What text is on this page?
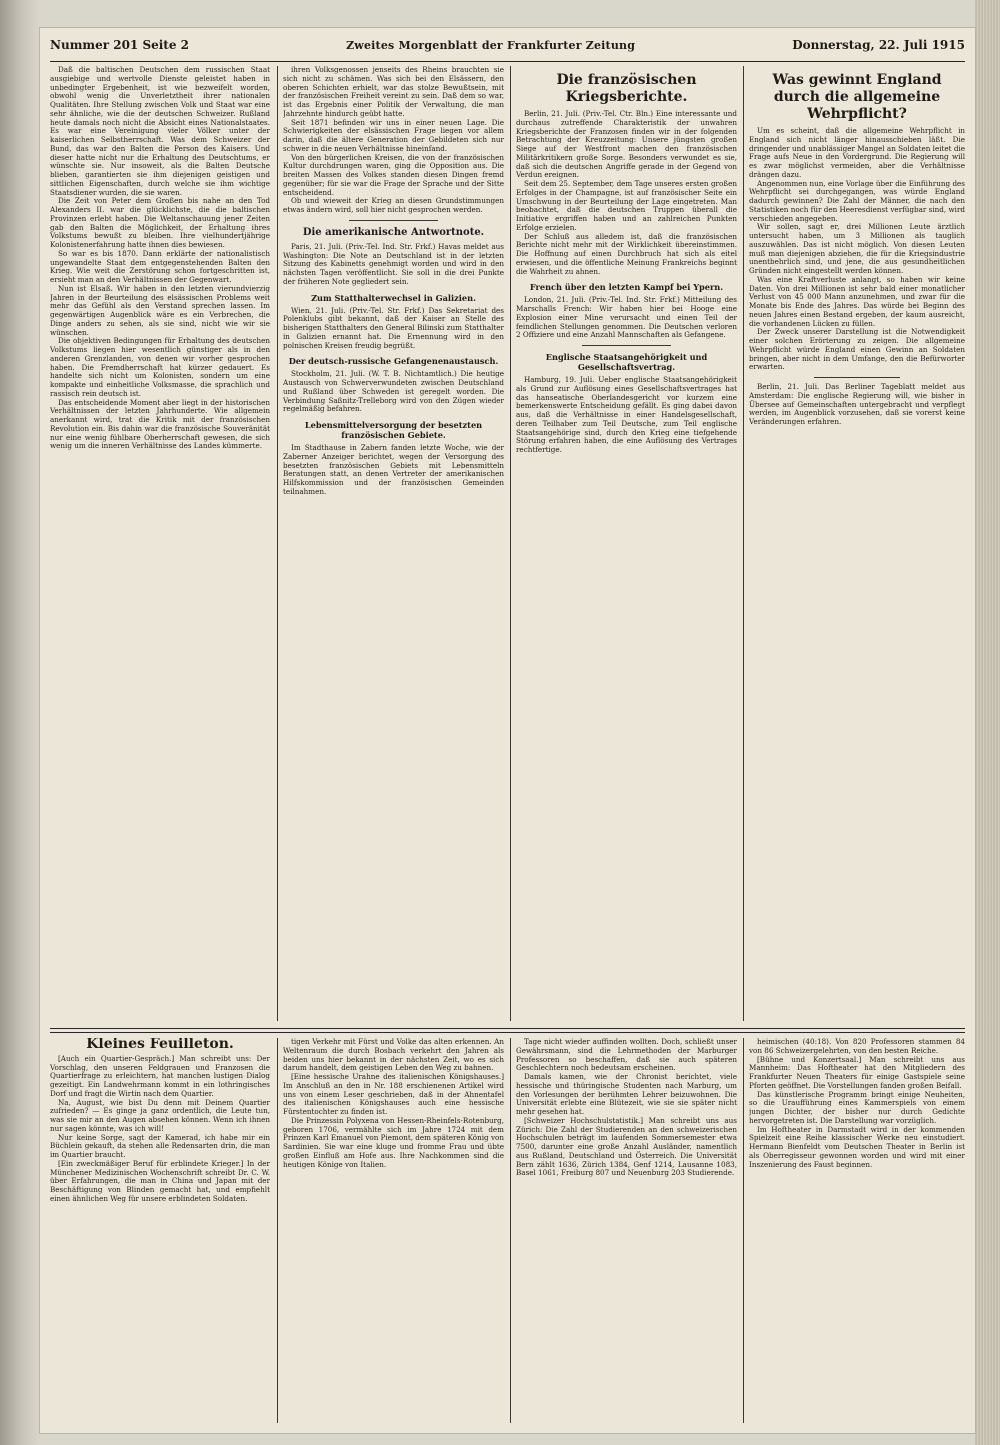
Nummer 201 Seite 2	Zweites Morgenblatt der Frankfurter Zeitung	Donnerstag, 22. Juli 1915

Daß die baltischen Deutschen dem russischen Staat ausgiebige und wertvolle Dienste geleistet haben in unbedingter Ergebenheit, ist wie bezweifelt worden, obwohl wenig die Unverletztheit ihrer nationalen Qualitäten. Ihre Stellung zwischen Volk und Staat war eine sehr ähnliche, wie die der deutschen Schweizer. Rußland heute damals noch nicht die Absicht eines Nationalstaates. Es war eine Vereinigung vieler Völker unter der kaiserlichen Selbstherrschaft. Was dem Schweizer der Bund, das war den Balten die Person des Kaisers. Und dieser hatte nicht nur die Erhaltung des Deutschtums, er wünschte sie. Nur insoweit, als die Balten Deutsche blieben, garantierten sie ihm diejenigen geistigen und sittlichen Eigenschaften, durch welche sie ihm wichtige Staatsdiener wurden, die sie waren.

Die Zeit von Peter dem Großen bis nahe an den Tod Alexanders II. war die glücklichste, die die baltischen Provinzen erlebt haben. Die Weltanschauung jener Zeiten gab den Balten die Möglichkeit, der Erhaltung ihres Volkstums bewußt zu bleiben. Ihre vielhundertjährige Kolonistenerfahrung hatte ihnen dies bewiesen.

So war es bis 1870. Dann erklärte der nationalistisch ungewandelte Staat dem entgegenstehenden Balten den Krieg. Wie weit die Zerstörung schon fortgeschritten ist, ersieht man an den Verhältnissen der Gegenwart.

Nun ist Elsaß. Wir haben in den letzten vierundvierzig Jahren in der Beurteilung des elsässischen Problems weit mehr das Gefühl als den Verstand sprechen lassen. Im gegenwärtigen Augenblick wäre es ein Verbrechen, die Dinge anders zu sehen, als sie sind, nicht wie wir sie wünschen.

Die objektiven Bedingungen für Erhaltung des deutschen Volkstums liegen hier wesentlich günstiger als in den anderen Grenzlanden, von denen wir vorher gesprochen haben. Die Fremdherrschaft hat kürzer gedauert. Es handelte sich nicht um Kolonisten, sondern um eine kompakte und einheitliche Volksmasse, die sprachlich und rassisch rein deutsch ist.

Das entscheidende Moment aber liegt in der historischen Verhältnissen der letzten Jahrhunderte. Wie allgemein anerkannt wird, trat die Kritik mit der französischen Revolution ein. Bis dahin war die französische Souveränität nur eine wenig fühlbare Oberherrschaft gewesen, die sich wenig um die inneren Verhältnisse des Landes kümmerte.

ihren Volksgenossen jenseits des Rheins brauchten sie sich nicht zu schämen. Was sich bei den Elsässern, den oberen Schichten erhielt, war das stolze Bewußtsein, mit der französischen Freiheit vereint zu sein. Daß dem so war, ist das Ergebnis einer Politik der Verwaltung, die man Jahrzehnte hindurch geübt hatte.

Seit 1871 befinden wir uns in einer neuen Lage. Die Schwierigkeiten der elsässischen Frage liegen vor allem darin, daß die ältere Generation der Gebildeten sich nur schwer in die neuen Verhältnisse hineinfand.

Von den bürgerlichen Kreisen, die von der französischen Kultur durchdrungen waren, ging die Opposition aus. Die breiten Massen des Volkes standen diesen Dingen fremd gegenüber; für sie war die Frage der Sprache und der Sitte entscheidend.

Ob und wieweit der Krieg an diesen Grundstimmungen etwas ändern wird, soll hier nicht gesprochen werden.

Die amerikanische Antwortnote.

Paris, 21. Juli. (Priv.-Tel. Ind. Str. Frkf.) Havas meldet aus Washington: Die Note an Deutschland ist in der letzten Sitzung des Kabinetts genehmigt worden und wird in den nächsten Tagen veröffentlicht. Sie soll in die drei Punkte der früheren Note gegliedert sein.

Zum Statthalterwechsel in Galizien.

Wien, 21. Juli. (Priv.-Tel. Str. Frkf.) Das Sekretariat des Polenklubs gibt bekannt, daß der Kaiser an Stelle des bisherigen Statthalters den General Bilinski zum Statthalter in Galizien ernannt hat. Die Ernennung wird in den polnischen Kreisen freudig begrüßt.

Der deutsch-russische Gefangenenaustausch.

Stockholm, 21. Juli. (W. T. B. Nichtamtlich.) Die heutige Austausch von Schwerverwundeten zwischen Deutschland und Rußland über Schweden ist geregelt worden. Die Verbindung Saßnitz-Trelleborg wird von den Zügen wieder regelmäßig befahren.

Lebensmittelversorgung der besetzten französischen Gebiete.

Im Stadthause in Zabern fanden letzte Woche, wie der Zaberner Anzeiger berichtet, wegen der Versorgung des besetzten französischen Gebiets mit Lebensmitteln Beratungen statt, an denen Vertreter der amerikanischen Hilfskommission und der französischen Gemeinden teilnahmen.

Die französischen Kriegsberichte.

Berlin, 21. Juli. (Priv.-Tel. Ctr. Bln.) Eine interessante und durchaus zutreffende Charakteristik der unwahren Kriegsberichte der Franzosen finden wir in der folgenden Betrachtung der Kreuzzeitung: Unsere jüngsten großen Siege auf der Westfront machen den französischen Militärkritikern große Sorge. Besonders verwundet es sie, daß sich die deutschen Angriffe gerade in der Gegend von Verdun ereignen.

Seit dem 25. September, dem Tage unseres ersten großen Erfolges in der Champagne, ist auf französischer Seite ein Umschwung in der Beurteilung der Lage eingetreten. Man beobachtet, daß die deutschen Truppen überall die Initiative ergriffen haben und an zahlreichen Punkten Erfolge erzielen.

Der Schluß aus alledem ist, daß die französischen Berichte nicht mehr mit der Wirklichkeit übereinstimmen. Die Hoffnung auf einen Durchbruch hat sich als eitel erwiesen, und die öffentliche Meinung Frankreichs beginnt die Wahrheit zu ahnen.

French über den letzten Kampf bei Ypern.

London, 21. Juli. (Priv.-Tel. Ind. Str. Frkf.) Mitteilung des Marschalls French: Wir haben hier bei Hooge eine Explosion einer Mine verursacht und einen Teil der feindlichen Stellungen genommen. Die Deutschen verloren 2 Offiziere und eine Anzahl Mannschaften als Gefangene.

Englische Staatsangehörigkeit und Gesellschaftsvertrag.

Hamburg, 19. Juli. Ueber englische Staatsangehörigkeit als Grund zur Auflösung eines Gesellschaftsvertrages hat das hanseatische Oberlandesgericht vor kurzem eine bemerkenswerte Entscheidung gefällt. Es ging dabei davon aus, daß die Verhältnisse in einer Handelsgesellschaft, deren Teilhaber zum Teil Deutsche, zum Teil englische Staatsangehörige sind, durch den Krieg eine tiefgehende Störung erfahren haben, die eine Auflösung des Vertrages rechtfertige.

Was gewinnt England durch die allgemeine Wehrpflicht?

Um es scheint, daß die allgemeine Wehrpflicht in England sich nicht länger hinausschieben läßt. Die dringender und unablässiger Mangel an Soldaten leitet die Frage aufs Neue in den Vordergrund. Die Regierung will es zwar möglichst vermeiden, aber die Verhältnisse drängen dazu.

Angenommen nun, eine Vorlage über die Einführung des Wehrpflicht sei durchgegangen, was würde England dadurch gewinnen? Die Zahl der Männer, die nach den Statistiken noch für den Heeresdienst verfügbar sind, wird verschieden angegeben.

Wir sollen, sagt er, drei Millionen Leute ärztlich untersucht haben, um 3 Millionen als tauglich auszuwählen. Das ist nicht möglich. Von diesen Leuten muß man diejenigen abziehen, die für die Kriegsindustrie unentbehrlich sind, und jene, die aus gesundheitlichen Gründen nicht eingestellt werden können.

Was eine Kraftverluste anlangt, so haben wir keine Daten. Von drei Millionen ist sehr bald einer monatlicher Verlust von 45 000 Mann anzunehmen, und zwar für die Monate bis Ende des Jahres. Das würde bei Beginn des neuen Jahres einen Bestand ergeben, der kaum ausreicht, die vorhandenen Lücken zu füllen.

Der Zweck unserer Darstellung ist die Notwendigkeit einer solchen Erörterung zu zeigen. Die allgemeine Wehrpflicht würde England einen Gewinn an Soldaten bringen, aber nicht in dem Umfange, den die Befürworter erwarten.

Berlin, 21. Juli. Das Berliner Tageblatt meldet aus Amsterdam: Die englische Regierung will, wie bisher in Übersee auf Gemeinschaften untergebracht und verpflegt werden, im Augenblick vorzusehen, daß sie vorerst keine Veränderungen erfahren.

Kleines Feuilleton.

[Auch ein Quartier-Gespräch.] Man schreibt uns: Der Vorschlag, den unseren Feldgrauen und Franzosen die Quartierfrage zu erleichtern, hat manchen lustigen Dialog gezeitigt. Ein Landwehrmann kommt in ein lothringisches Dorf und fragt die Wirtin nach dem Quartier.

Na, August, wie bist Du denn mit Deinem Quartier zufrieden? — Es ginge ja ganz ordentlich, die Leute tun, was sie mir an den Augen absehen können. Wenn ich ihnen nur sagen könnte, was ich will!

Nur keine Sorge, sagt der Kamerad, ich habe mir ein Büchlein gekauft, da stehen alle Redensarten drin, die man im Quartier braucht.

[Ein zweckmäßiger Beruf für erblindete Krieger.] In der Münchener Medizinischen Wochenschrift schreibt Dr. C. W. über Erfahrungen, die man in China und Japan mit der Beschäftigung von Blinden gemacht hat, und empfiehlt einen ähnlichen Weg für unsere erblindeten Soldaten.

tigen Verkehr mit Fürst und Volke das alten erkennen. An Weltenraum die durch Bosbach verkehrt den Jahren als beiden uns hier bekannt in der nächsten Zeit, wo es sich darum handelt, dem geistigen Leben den Weg zu bahnen.

[Eine hessische Urahne des italienischen Königshauses.] Im Anschluß an den in Nr. 188 erschienenen Artikel wird uns von einem Leser geschrieben, daß in der Ahnentafel des italienischen Königshauses auch eine hessische Fürstentochter zu finden ist.

Die Prinzessin Polyxena von Hessen-Rheinfels-Rotenburg, geboren 1706, vermählte sich im Jahre 1724 mit dem Prinzen Karl Emanuel von Piemont, dem späteren König von Sardinien. Sie war eine kluge und fromme Frau und übte großen Einfluß am Hofe aus. Ihre Nachkommen sind die heutigen Könige von Italien.

Tage nicht wieder auffinden wollten. Doch, schließt unser Gewährsmann, sind die Lehrmethoden der Marburger Professoren so beschaffen, daß sie auch späteren Geschlechtern noch bedeutsam erscheinen.

Damals kamen, wie der Chronist berichtet, viele hessische und thüringische Studenten nach Marburg, um den Vorlesungen der berühmten Lehrer beizuwohnen. Die Universität erlebte eine Blütezeit, wie sie sie später nicht mehr gesehen hat.

[Schweizer Hochschulstatistik.] Man schreibt uns aus Zürich: Die Zahl der Studierenden an den schweizerischen Hochschulen beträgt im laufenden Sommersemester etwa 7500, darunter eine große Anzahl Ausländer, namentlich aus Rußland, Deutschland und Österreich. Die Universität Bern zählt 1636, Zürich 1384, Genf 1214, Lausanne 1083, Basel 1061, Freiburg 807 und Neuenburg 203 Studierende.

heimischen (40:18). Von 820 Professoren stammen 84 von 86 Schweizergelehrten, von den besten Reiche.

[Bühne und Konzertsaal.] Man schreibt uns aus Mannheim: Das Hoftheater hat den Mitgliedern des Frankfurter Neuen Theaters für einige Gastspiele seine Pforten geöffnet. Die Vorstellungen fanden großen Beifall.

Das künstlerische Programm bringt einige Neuheiten, so die Uraufführung eines Kammerspiels von einem jungen Dichter, der bisher nur durch Gedichte hervorgetreten ist. Die Darstellung war vorzüglich.

Im Hoftheater in Darmstadt wird in der kommenden Spielzeit eine Reihe klassischer Werke neu einstudiert. Hermann Bienfeldt vom Deutschen Theater in Berlin ist als Oberregisseur gewonnen worden und wird mit einer Inszenierung des Faust beginnen.
